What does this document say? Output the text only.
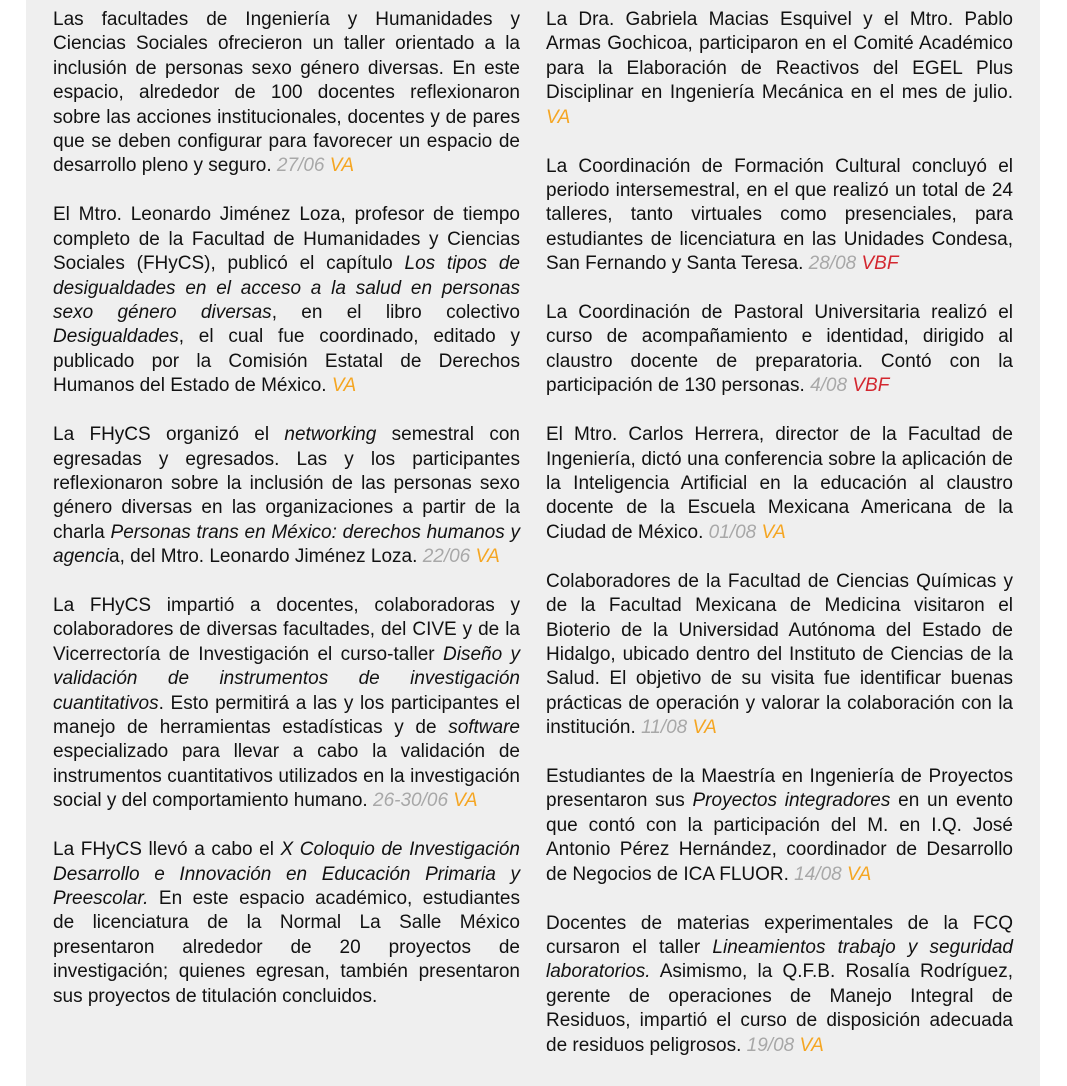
Las facultades de Ingeniería y Humanidades y Ciencias Sociales ofrecieron un taller orientado a la inclusión de personas sexo género diversas. En este espacio, alrededor de 100 docentes reflexionaron sobre las acciones institucionales, docentes y de pares que se deben configurar para favorecer un espacio de desarrollo pleno y seguro. 27/06 VA

El Mtro. Leonardo Jiménez Loza, profesor de tiempo completo de la Facultad de Humanidades y Ciencias Sociales (FHyCS), publicó el capítulo Los tipos de desigualdades en el acceso a la salud en personas sexo género diversas, en el libro colectivo Desigualdades, el cual fue coordinado, editado y publicado por la Comisión Estatal de Derechos Humanos del Estado de México. VA

La FHyCS organizó el networking semestral con egresadas y egresados. Las y los participantes reflexionaron sobre la inclusión de las personas sexo género diversas en las organizaciones a partir de la charla Personas trans en México: derechos humanos y agencia, del Mtro. Leonardo Jiménez Loza. 22/06 VA

La FHyCS impartió a docentes, colaboradoras y colaboradores de diversas facultades, del CIVE y de la Vicerrectoría de Investigación el curso-taller Diseño y validación de instrumentos de investigación cuantitativos. Esto permitirá a las y los participantes el manejo de herramientas estadísticas y de software especializado para llevar a cabo la validación de instrumentos cuantitativos utilizados en la investigación social y del comportamiento humano. 26-30/06 VA

La FHyCS llevó a cabo el X Coloquio de Investigación Desarrollo e Innovación en Educación Primaria y Preescolar. En este espacio académico, estudiantes de licenciatura de la Normal La Salle México presentaron alrededor de 20 proyectos de investigación; quienes egresan, también presentaron sus proyectos de titulación concluidos.

La Dra. Gabriela Macias Esquivel y el Mtro. Pablo Armas Gochicoa, participaron en el Comité Académico para la Elaboración de Reactivos del EGEL Plus Disciplinar en Ingeniería Mecánica en el mes de julio. VA

La Coordinación de Formación Cultural concluyó el periodo intersemestral, en el que realizó un total de 24 talleres, tanto virtuales como presenciales, para estudiantes de licenciatura en las Unidades Condesa, San Fernando y Santa Teresa. 28/08 VBF

La Coordinación de Pastoral Universitaria realizó el curso de acompañamiento e identidad, dirigido al claustro docente de preparatoria. Contó con la participación de 130 personas. 4/08 VBF

El Mtro. Carlos Herrera, director de la Facultad de Ingeniería, dictó una conferencia sobre la aplicación de la Inteligencia Artificial en la educación al claustro docente de la Escuela Mexicana Americana de la Ciudad de México. 01/08 VA

Colaboradores de la Facultad de Ciencias Químicas y de la Facultad Mexicana de Medicina visitaron el Bioterio de la Universidad Autónoma del Estado de Hidalgo, ubicado dentro del Instituto de Ciencias de la Salud. El objetivo de su visita fue identificar buenas prácticas de operación y valorar la colaboración con la institución. 11/08 VA

Estudiantes de la Maestría en Ingeniería de Proyectos presentaron sus Proyectos integradores en un evento que contó con la participación del M. en I.Q. José Antonio Pérez Hernández, coordinador de Desarrollo de Negocios de ICA FLUOR. 14/08 VA

Docentes de materias experimentales de la FCQ cursaron el taller Lineamientos trabajo y seguridad laboratorios. Asimismo, la Q.F.B. Rosalía Rodríguez, gerente de operaciones de Manejo Integral de Residuos, impartió el curso de disposición adecuada de residuos peligrosos. 19/08 VA
